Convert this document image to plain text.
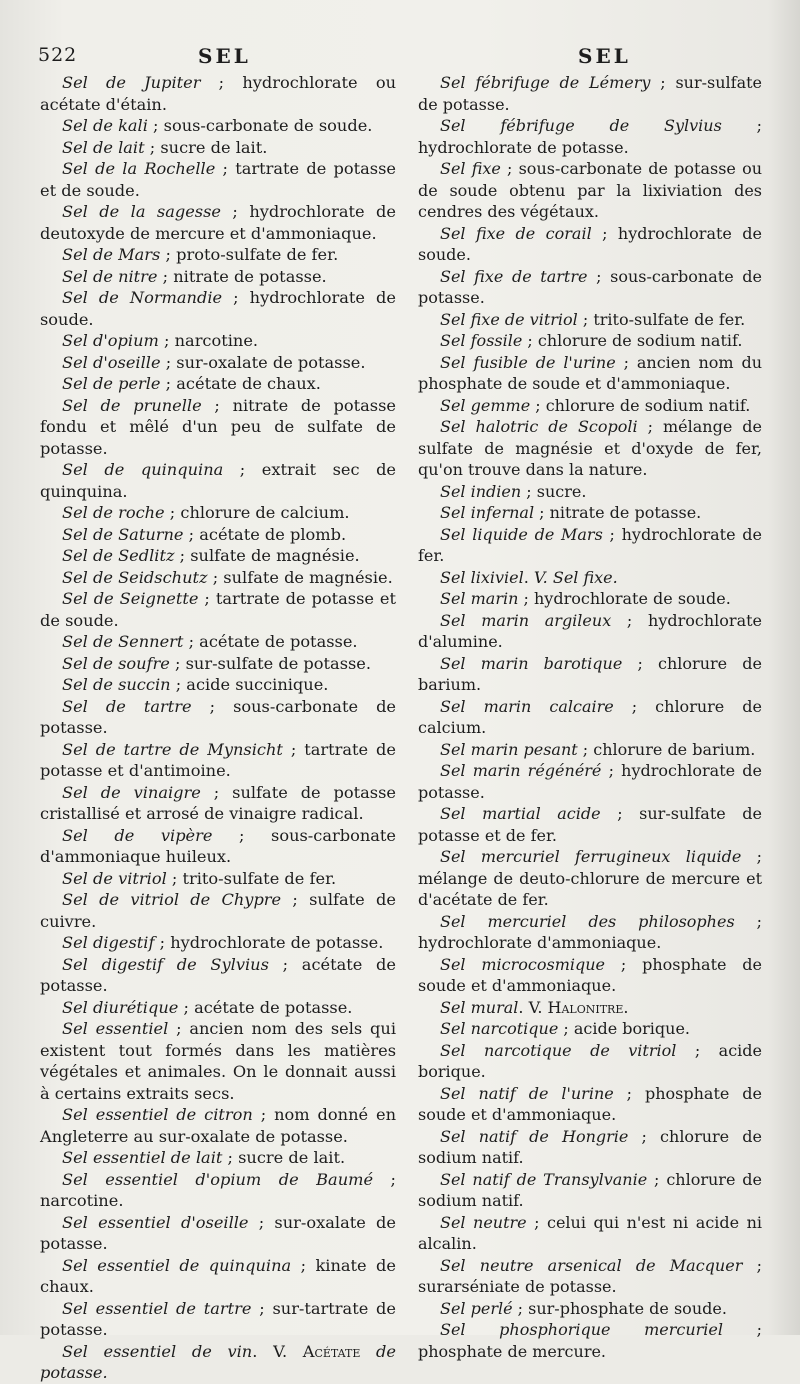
522	SEL	SEL

Sel de Jupiter ; hydrochlorate ou acétate d'étain.

Sel de kali ; sous-carbonate de soude.

Sel de lait ; sucre de lait.

Sel de la Rochelle ; tartrate de potasse et de soude.

Sel de la sagesse ; hydrochlorate de deutoxyde de mercure et d'ammoniaque.

Sel de Mars ; proto-sulfate de fer.

Sel de nitre ; nitrate de potasse.

Sel de Normandie ; hydrochlorate de soude.

Sel d'opium ; narcotine.

Sel d'oseille ; sur-oxalate de potasse.

Sel de perle ; acétate de chaux.

Sel de prunelle ; nitrate de potasse fondu et mêlé d'un peu de sulfate de potasse.

Sel de quinquina ; extrait sec de quinquina.

Sel de roche ; chlorure de calcium.

Sel de Saturne ; acétate de plomb.

Sel de Sedlitz ; sulfate de magnésie.

Sel de Seidschutz ; sulfate de magnésie.

Sel de Seignette ; tartrate de potasse et de soude.

Sel de Sennert ; acétate de potasse.

Sel de soufre ; sur-sulfate de potasse.

Sel de succin ; acide succinique.

Sel de tartre ; sous-carbonate de potasse.

Sel de tartre de Mynsicht ; tartrate de potasse et d'antimoine.

Sel de vinaigre ; sulfate de potasse cristallisé et arrosé de vinaigre radical.

Sel de vipère ; sous-carbonate d'ammoniaque huileux.

Sel de vitriol ; trito-sulfate de fer.

Sel de vitriol de Chypre ; sulfate de cuivre.

Sel digestif ; hydrochlorate de potasse.

Sel digestif de Sylvius ; acétate de potasse.

Sel diurétique ; acétate de potasse.

Sel essentiel ; ancien nom des sels qui existent tout formés dans les matières végétales et animales. On le donnait aussi à certains extraits secs.

Sel essentiel de citron ; nom donné en Angleterre au sur-oxalate de potasse.

Sel essentiel de lait ; sucre de lait.

Sel essentiel d'opium de Baumé ; narcotine.

Sel essentiel d'oseille ; sur-oxalate de potasse.

Sel essentiel de quinquina ; kinate de chaux.

Sel essentiel de tartre ; sur-tartrate de potasse.

Sel essentiel de vin. V. Acétate de potasse.

Sel fébrifuge de Lémery ; sur-sulfate de potasse.

Sel fébrifuge de Sylvius ; hydrochlorate de potasse.

Sel fixe ; sous-carbonate de potasse ou de soude obtenu par la lixiviation des cendres des végétaux.

Sel fixe de corail ; hydrochlorate de soude.

Sel fixe de tartre ; sous-carbonate de potasse.

Sel fixe de vitriol ; trito-sulfate de fer.

Sel fossile ; chlorure de sodium natif.

Sel fusible de l'urine ; ancien nom du phosphate de soude et d'ammoniaque.

Sel gemme ; chlorure de sodium natif.

Sel halotric de Scopoli ; mélange de sulfate de magnésie et d'oxyde de fer, qu'on trouve dans la nature.

Sel indien ; sucre.

Sel infernal ; nitrate de potasse.

Sel liquide de Mars ; hydrochlorate de fer.

Sel lixiviel. V. Sel fixe.

Sel marin ; hydrochlorate de soude.

Sel marin argileux ; hydrochlorate d'alumine.

Sel marin barotique ; chlorure de barium.

Sel marin calcaire ; chlorure de calcium.

Sel marin pesant ; chlorure de barium.

Sel marin régénéré ; hydrochlorate de potasse.

Sel martial acide ; sur-sulfate de potasse et de fer.

Sel mercuriel ferrugineux liquide ; mélange de deuto-chlorure de mercure et d'acétate de fer.

Sel mercuriel des philosophes ; hydrochlorate d'ammoniaque.

Sel microcosmique ; phosphate de soude et d'ammoniaque.

Sel mural. V. Halonitre.

Sel narcotique ; acide borique.

Sel narcotique de vitriol ; acide borique.

Sel natif de l'urine ; phosphate de soude et d'ammoniaque.

Sel natif de Hongrie ; chlorure de sodium natif.

Sel natif de Transylvanie ; chlorure de sodium natif.

Sel neutre ; celui qui n'est ni acide ni alcalin.

Sel neutre arsenical de Macquer ; surarséniate de potasse.

Sel perlé ; sur-phosphate de soude.

Sel phosphorique mercuriel ; phosphate de mercure.
